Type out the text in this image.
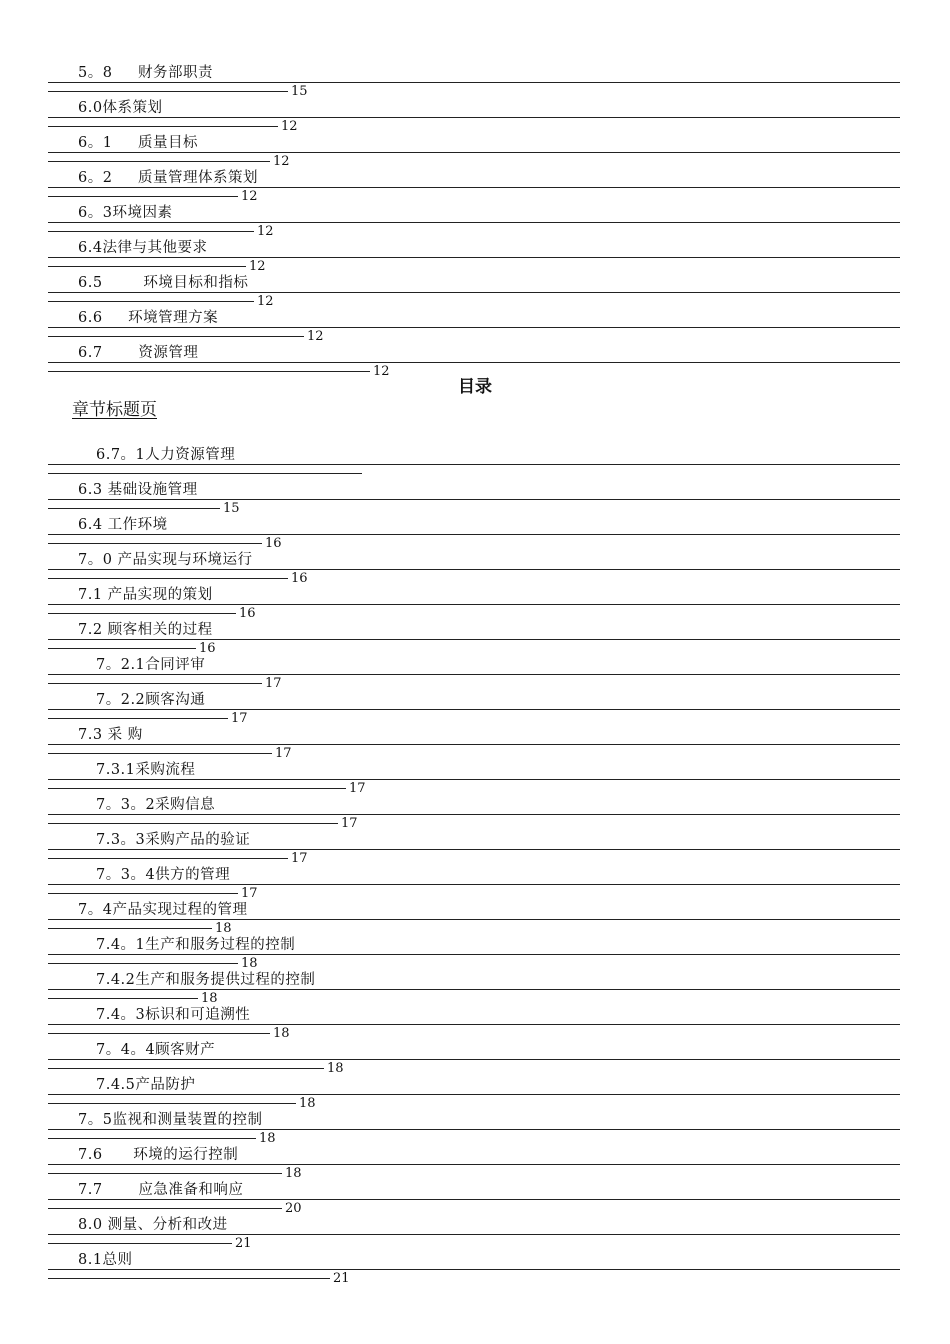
5。8     财务部职责
15
6.0体系策划
12
6。1     质量目标
12
6。2     质量管理体系策划
12
6。3环境因素
12
6.4法律与其他要求
12
6.5        环境目标和指标
12
6.6     环境管理方案
12
6.7       资源管理
12
目录
章节标题页
6.7。1人力资源管理
6.3 基础设施管理
15
6.4 工作环境
16
7。0 产品实现与环境运行
16
7.1 产品实现的策划
16
7.2 顾客相关的过程
16
7。2.1合同评审
17
7。2.2顾客沟通
17
7.3 采 购
17
7.3.1采购流程
17
7。3。2采购信息
17
7.3。3采购产品的验证
17
7。3。4供方的管理
17
7。4产品实现过程的管理
18
7.4。1生产和服务过程的控制
18
7.4.2生产和服务提供过程的控制
18
7.4。3标识和可追溯性
18
7。4。4顾客财产
18
7.4.5产品防护
18
7。5监视和测量装置的控制
18
7.6      环境的运行控制
18
7.7       应急准备和响应
20
8.0 测量、分析和改进
21
8.1总则
21
